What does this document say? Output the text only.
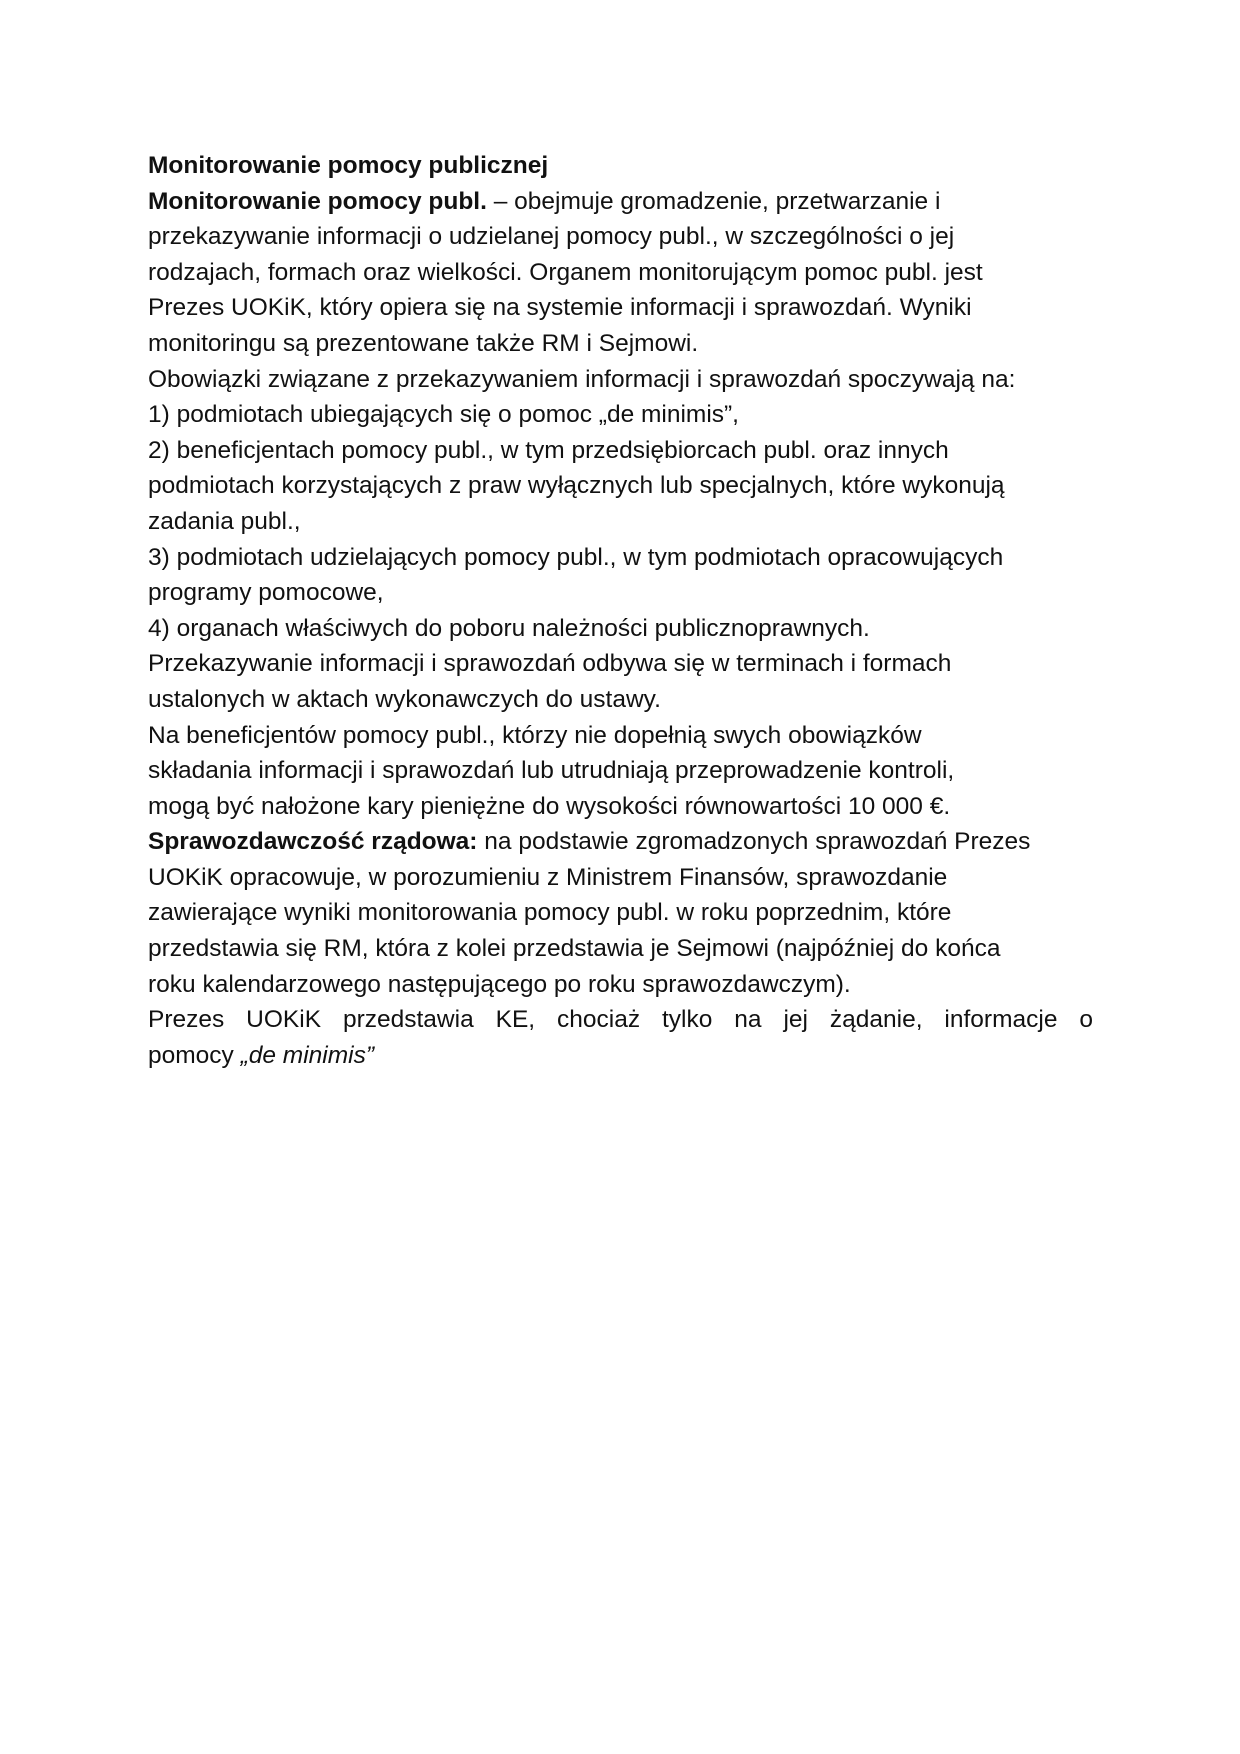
Monitorowanie pomocy publicznej
Monitorowanie pomocy publ. – obejmuje gromadzenie, przetwarzanie i
przekazywanie informacji o udzielanej pomocy publ., w szczególności o jej
rodzajach, formach oraz wielkości. Organem monitorującym pomoc publ. jest
Prezes UOKiK, który opiera się na systemie informacji i sprawozdań. Wyniki
monitoringu są prezentowane także RM i Sejmowi.
Obowiązki związane z przekazywaniem informacji i sprawozdań spoczywają na:
1) podmiotach ubiegających się o pomoc „de minimis”,
2) beneficjentach pomocy publ., w tym przedsiębiorcach publ. oraz innych
podmiotach korzystających z praw wyłącznych lub specjalnych, które wykonują
zadania publ.,
3) podmiotach udzielających pomocy publ., w tym podmiotach opracowujących
programy pomocowe,
4) organach właściwych do poboru należności publicznoprawnych.
Przekazywanie informacji i sprawozdań odbywa się w terminach i formach
ustalonych w aktach wykonawczych do ustawy.
Na beneficjentów pomocy publ., którzy nie dopełnią swych obowiązków
składania informacji i sprawozdań lub utrudniają przeprowadzenie kontroli,
mogą być nałożone kary pieniężne do wysokości równowartości 10 000 €.
Sprawozdawczość rządowa: na podstawie zgromadzonych sprawozdań Prezes
UOKiK opracowuje, w porozumieniu z Ministrem Finansów, sprawozdanie
zawierające wyniki monitorowania pomocy publ. w roku poprzednim, które
przedstawia się RM, która z kolei przedstawia je Sejmowi (najpóźniej do końca
roku kalendarzowego następującego po roku sprawozdawczym).
Prezes UOKiK przedstawia KE, chociaż tylko na jej żądanie, informacje o
pomocy „de minimis”
